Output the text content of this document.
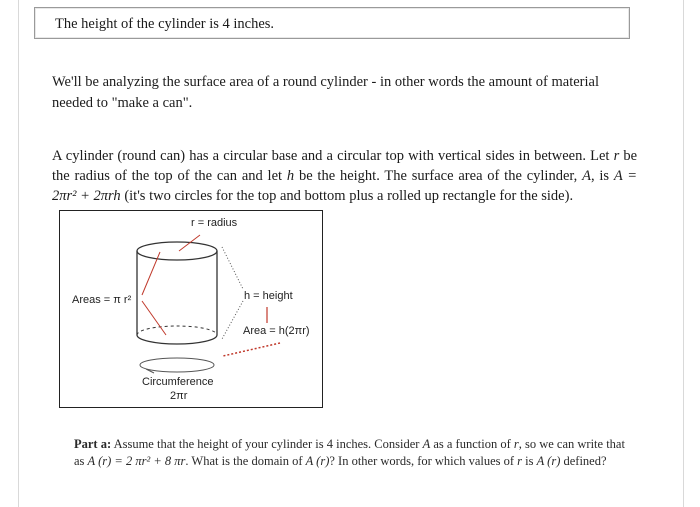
The height of the cylinder is 4 inches.

We'll be analyzing the surface area of a round cylinder - in other words the amount of material needed to "make a can".

A cylinder (round can) has a circular base and a circular top with vertical sides in between. Let r be the radius of the top of the can and let h be the height. The surface area of the cylinder, A, is A = 2πr² + 2πrh (it's two circles for the top and bottom plus a rolled up rectangle for the side).

r = radius
Areas = π r²	h = height
Area = h(2πr)
Circumference
2πr

Part a: Assume that the height of your cylinder is 4 inches. Consider A as a function of r, so we can write that as A (r) = 2 πr² + 8 πr. What is the domain of A (r)? In other words, for which values of r is A (r) defined?
